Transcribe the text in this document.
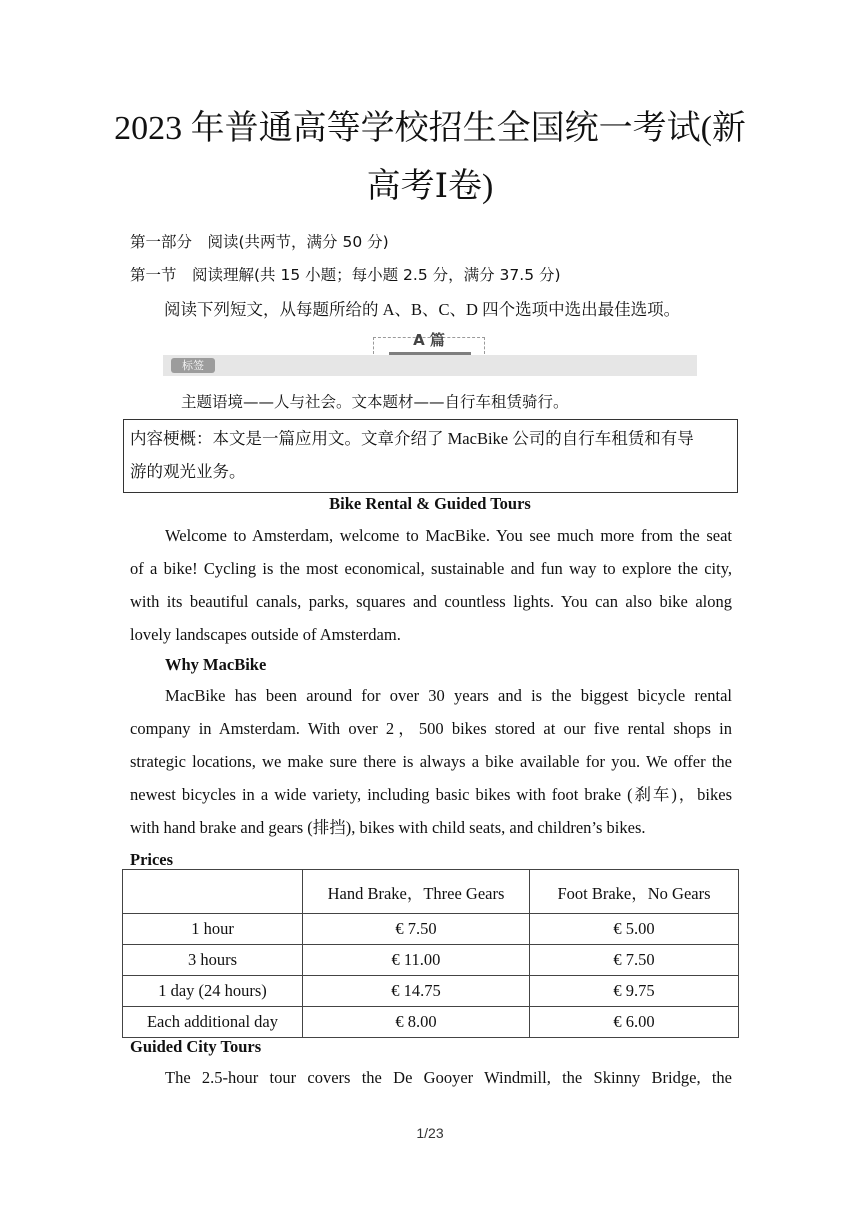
2023 年普通高等学校招生全国统一考试(新
高考Ⅰ卷)
第一部分　阅读(共两节，满分 50 分)
第一节　阅读理解(共 15 小题；每小题 2.5 分，满分 37.5 分)
阅读下列短文，从每题所给的 A、B、C、D 四个选项中选出最佳选项。
A 篇
标签
主题语境——人与社会。文本题材——自行车租赁骑行。
内容梗概：本文是一篇应用文。文章介绍了 MacBike 公司的自行车租赁和有导
游的观光业务。
Bike Rental & Guided Tours
Welcome to Amsterdam, welcome to MacBike. You see much more from the seat
of a bike! Cycling is the most economical, sustainable and fun way to explore the city,
with its beautiful canals, parks, squares and countless lights. You can also bike along
lovely landscapes outside of Amsterdam.
Why MacBike
MacBike has been around for over 30 years and is the biggest bicycle rental
company in Amsterdam. With over 2，500 bikes stored at our five rental shops in
strategic locations, we make sure there is always a bike available for you. We offer the
newest bicycles in a wide variety, including basic bikes with foot brake (刹车)，bikes
with hand brake and gears (排挡), bikes with child seats, and children’s bikes.
Prices
	Hand Brake，Three Gears	Foot Brake，No Gears
1 hour	€ 7.50	€ 5.00
3 hours	€ 11.00	€ 7.50
1 day (24 hours)	€ 14.75	€ 9.75
Each additional day	€ 8.00	€ 6.00
Guided City Tours
The 2.5-hour tour covers the De Gooyer Windmill, the Skinny Bridge, the
1/23
